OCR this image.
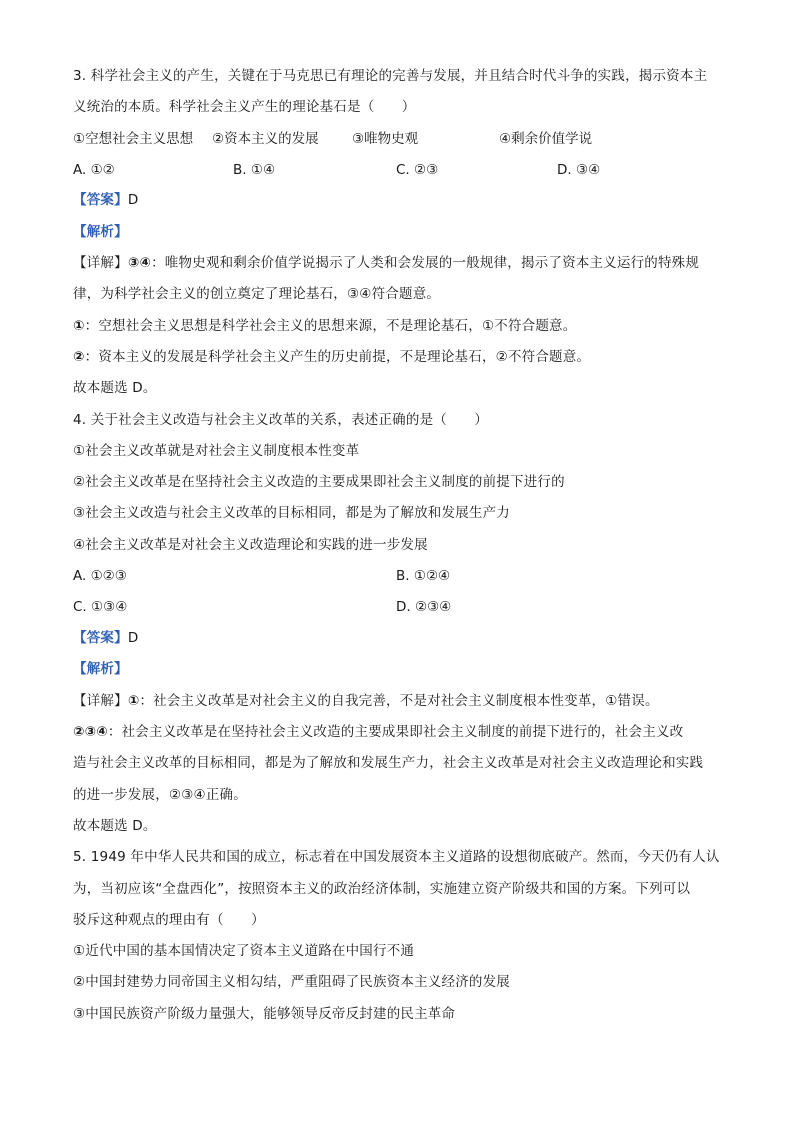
3. 科学社会主义的产生，关键在于马克思已有理论的完善与发展，并且结合时代斗争的实践，揭示资本主
义统治的本质。科学社会主义产生的理论基石是（　　）
①空想社会主义思想 ②资本主义的发展 ③唯物史观	④剩余价值学说
A. ①②	B. ①④	C. ②③	D. ③④
【答案】D
【解析】
【详解】③④：唯物史观和剩余价值学说揭示了人类和会发展的一般规律，揭示了资本主义运行的特殊规
律，为科学社会主义的创立奠定了理论基石，③④符合题意。
①：空想社会主义思想是科学社会主义的思想来源，不是理论基石，①不符合题意。
②：资本主义的发展是科学社会主义产生的历史前提，不是理论基石，②不符合题意。
故本题选 D。
4. 关于社会主义改造与社会主义改革的关系，表述正确的是（　　）
①社会主义改革就是对社会主义制度根本性变革
②社会主义改革是在坚持社会主义改造的主要成果即社会主义制度的前提下进行的
③社会主义改造与社会主义改革的目标相同，都是为了解放和发展生产力
④社会主义改革是对社会主义改造理论和实践的进一步发展
A. ①②③	B. ①②④
C. ①③④	D. ②③④
【答案】D
【解析】
【详解】①：社会主义改革是对社会主义的自我完善，不是对社会主义制度根本性变革，①错误。
②③④：社会主义改革是在坚持社会主义改造的主要成果即社会主义制度的前提下进行的，社会主义改
造与社会主义改革的目标相同，都是为了解放和发展生产力，社会主义改革是对社会主义改造理论和实践
的进一步发展，②③④正确。
故本题选 D。
5. 1949 年中华人民共和国的成立，标志着在中国发展资本主义道路的设想彻底破产。然而，今天仍有人认
为，当初应该“全盘西化”，按照资本主义的政治经济体制，实施建立资产阶级共和国的方案。下列可以
驳斥这种观点的理由有（　　）
①近代中国的基本国情决定了资本主义道路在中国行不通
②中国封建势力同帝国主义相勾结，严重阻碍了民族资本主义经济的发展
③中国民族资产阶级力量强大，能够领导反帝反封建的民主革命
